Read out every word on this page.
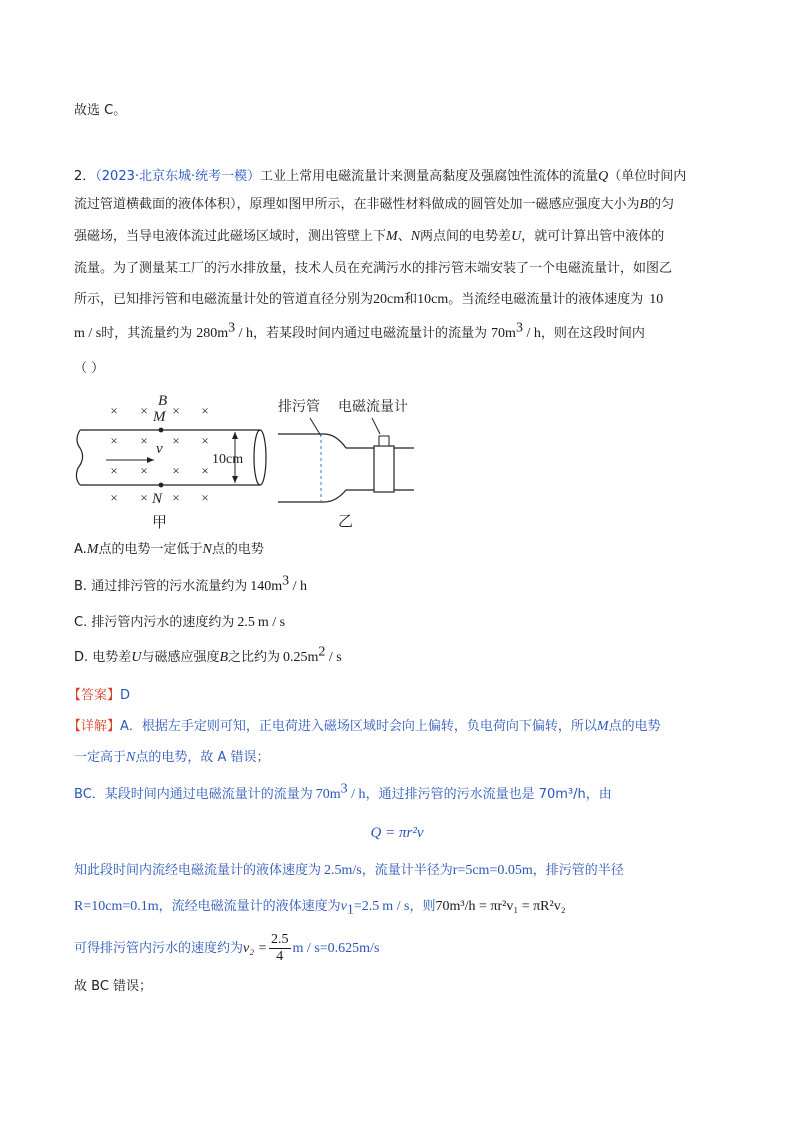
故选 C。
2．（2023·北京东城·统考一模）工业上常用电磁流量计来测量高黏度及强腐蚀性流体的流量Q（单位时间内
流过管道横截面的液体体积），原理如图甲所示，在非磁性材料做成的圆管处加一磁感应强度大小为B的匀
强磁场，当导电液体流过此磁场区域时，测出管壁上下M、N两点间的电势差U，就可计算出管中液体的
流量。为了测量某工厂的污水排放量，技术人员在充满污水的排污管末端安装了一个电磁流量计，如图乙
所示，已知排污管和电磁流量计处的管道直径分别为20cm和10cm。当流经电磁流量计的液体速度为 10
m / s时，其流量约为 $280m^3$ / h，若某段时间内通过电磁流量计的流量为 $70m^3$ / h，则在这段时间内
（ ）
× × × ×
× × × ×
× × × ×
× × × ×
v
B
M
N
10cm
甲
排污管 电磁流量计
乙
A.M点的电势一定低于N点的电势
B. 通过排污管的污水流量约为 $140m^3$ / h
C. 排污管内污水的速度约为 2.5 m / s
D. 电势差U与磁感应强度B之比约为 $0.25m^2$ / s
【答案】D
【详解】A．根据左手定则可知，正电荷进入磁场区域时会向上偏转，负电荷向下偏转，所以M点的电势
一定高于N点的电势，故 A 错误；
BC．某段时间内通过电磁流量计的流量为 $70m^3$ / h，通过排污管的污水流量也是 70m³/h，由
Q = πr²v
知此段时间内流经电磁流量计的液体速度为 2.5m/s，流量计半径为r=5cm=0.05m，排污管的半径
R=10cm=0.1m，流经电磁流量计的液体速度为$v_1=2.5$ m / s，则70m³/h = πr²v₁ = πR²v₂
可得排污管内污水的速度约为$v_2 = \frac{2.5}{4}$ m / s=0.625m/s
故 BC 错误；
